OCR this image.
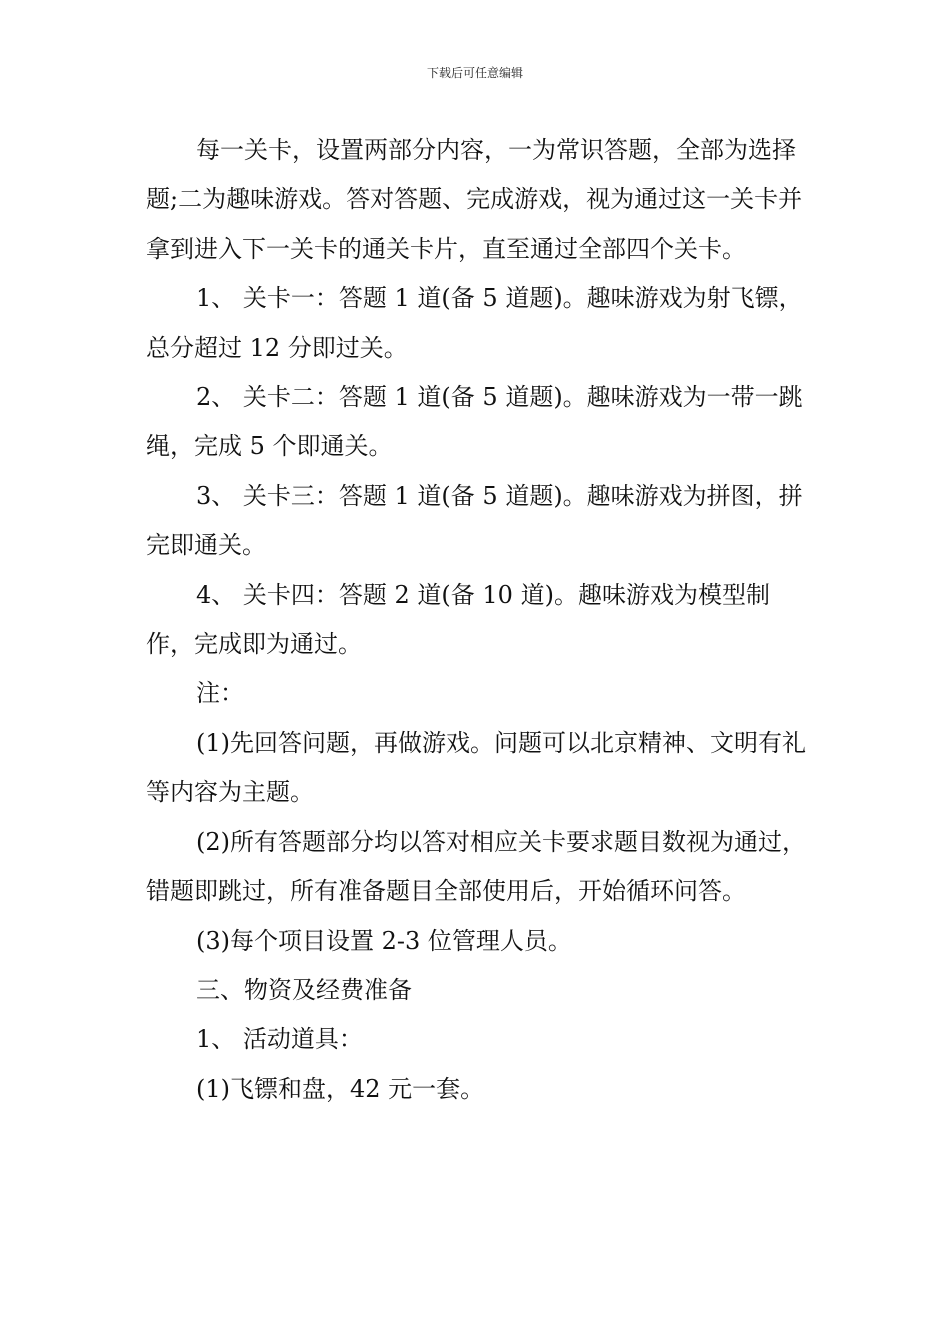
下载后可任意编辑

每一关卡，设置两部分内容，一为常识答题，全部为选择题;二为趣味游戏。答对答题、完成游戏，视为通过这一关卡并拿到进入下一关卡的通关卡片，直至通过全部四个关卡。

1、 关卡一：答题 1 道(备 5 道题)。趣味游戏为射飞镖，总分超过 12 分即过关。

2、 关卡二：答题 1 道(备 5 道题)。趣味游戏为一带一跳绳，完成 5 个即通关。

3、 关卡三：答题 1 道(备 5 道题)。趣味游戏为拼图，拼完即通关。

4、 关卡四：答题 2 道(备 10 道)。趣味游戏为模型制作，完成即为通过。

注：

(1)先回答问题，再做游戏。问题可以北京精神、文明有礼等内容为主题。

(2)所有答题部分均以答对相应关卡要求题目数视为通过，错题即跳过，所有准备题目全部使用后，开始循环问答。

(3)每个项目设置 2-3 位管理人员。

三、物资及经费准备

1、 活动道具：

(1)飞镖和盘，42 元一套。
